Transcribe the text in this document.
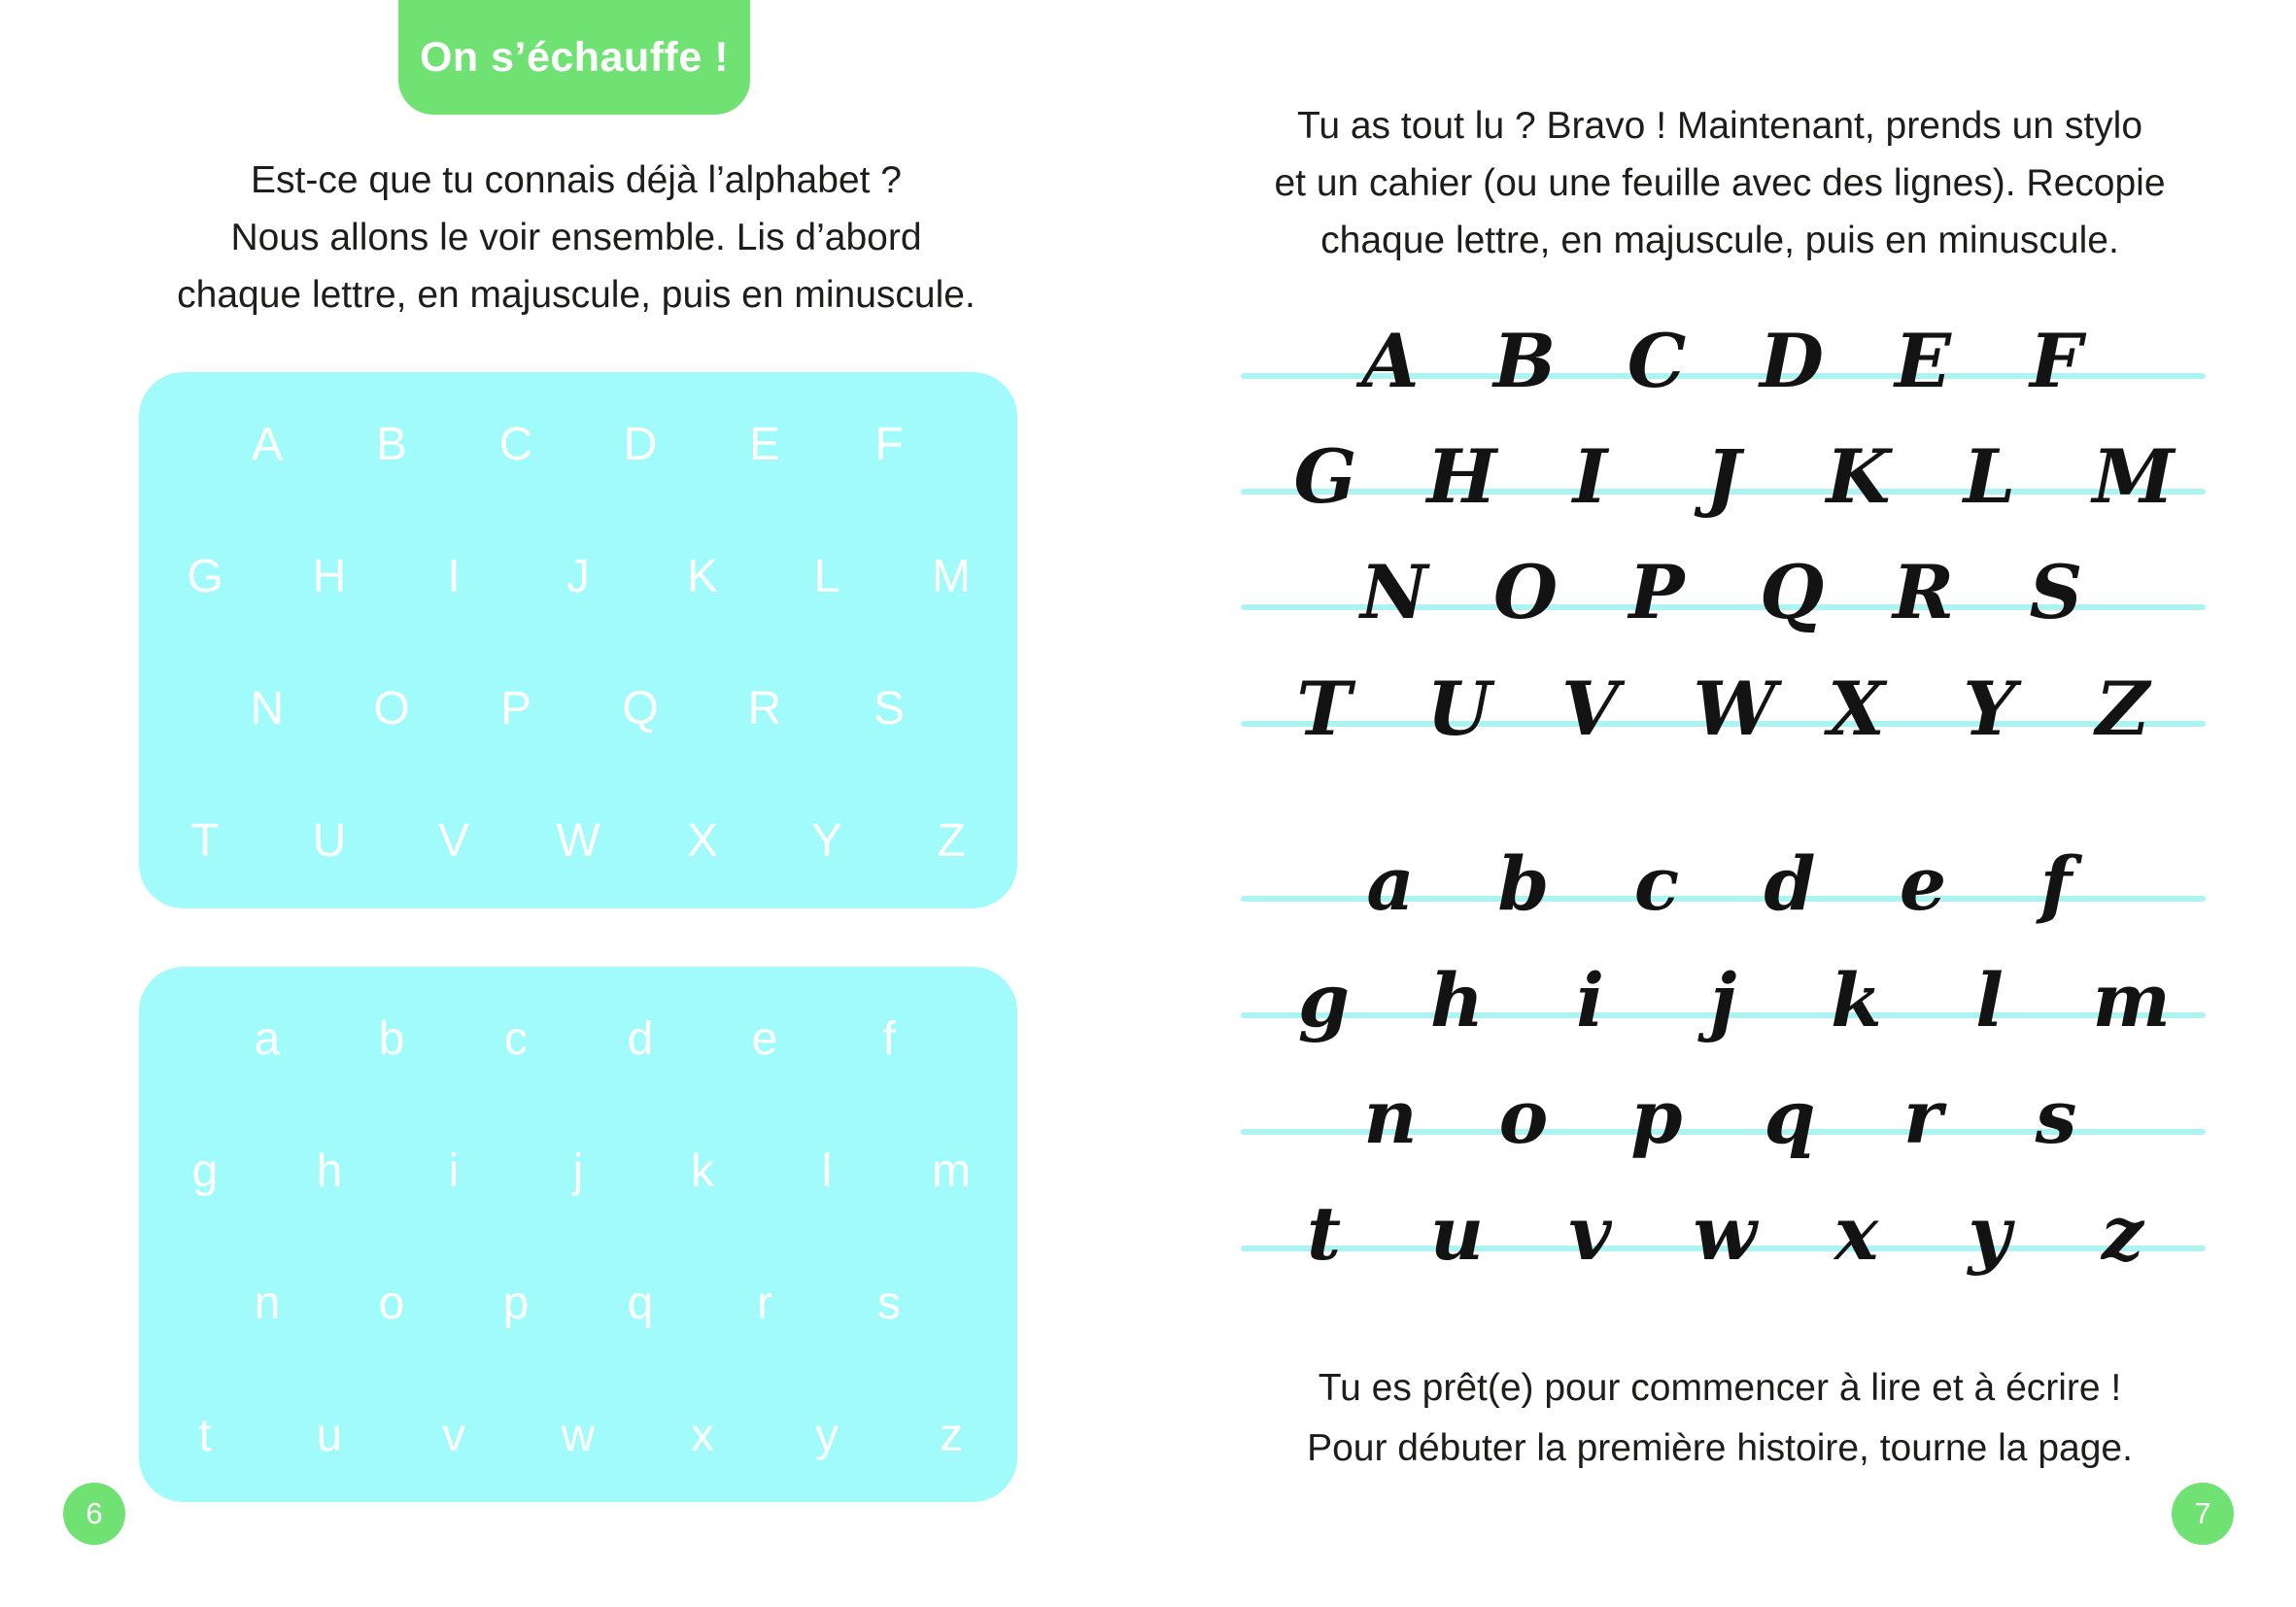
On s’échauffe !
Est-ce que tu connais déjà l’alphabet ?
Nous allons le voir ensemble. Lis d’abord
chaque lettre, en majuscule, puis en minuscule.
A B C D E F
G H	I	J K L M
N O P Q R S
T U V W X Y Z
a b c d e	f
g h	i	j	k	l	m
n o p q	r	s
t	u v w x y z
6
Tu as tout lu ? Bravo ! Maintenant, prends un stylo
et un cahier (ou une feuille avec des lignes). Recopie
chaque lettre, en majuscule, puis en minuscule.
A B C D E F
G H I J K L M
N O P Q R S
T U V W X Y Z
a b c d e f
g h i j k l m
n o p q r s
t u v w x y z
Tu es prêt(e) pour commencer à lire et à écrire !
Pour débuter la première histoire, tourne la page.
7
